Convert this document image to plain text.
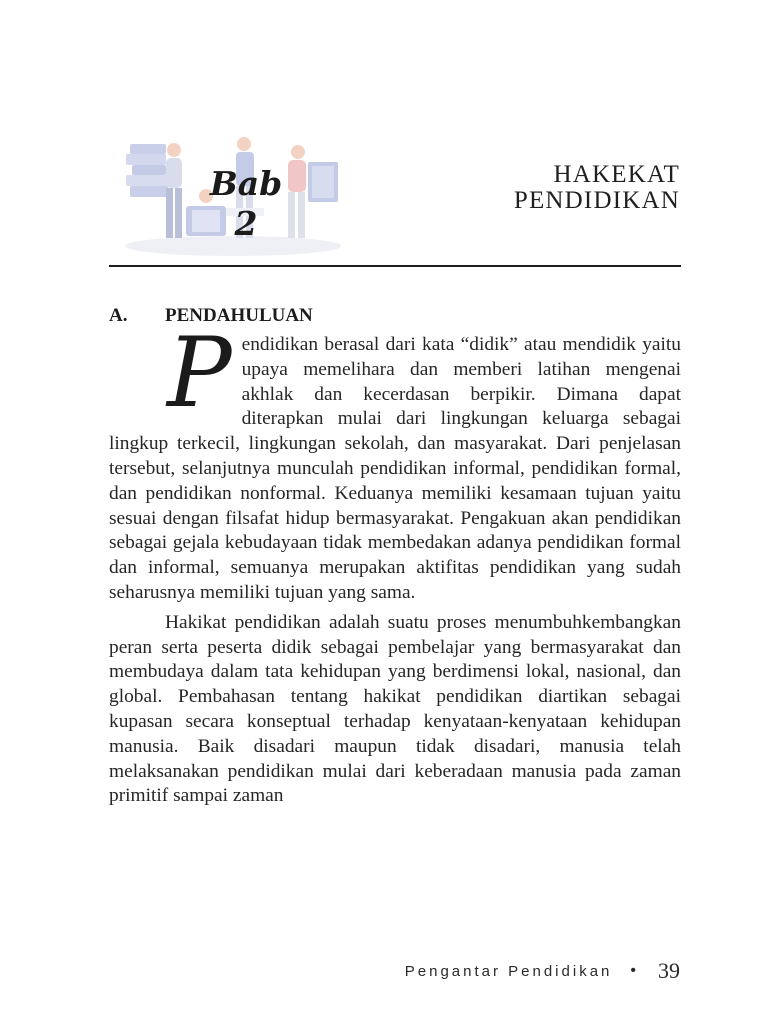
Bab
2
HAKEKAT
PENDIDIKAN
A. PENDAHULUAN

Pendidikan berasal dari kata “didik” atau mendidik yaitu upaya memelihara dan memberi latihan mengenai akhlak dan kecerdasan berpikir. Dimana dapat diterapkan mulai dari lingkungan keluarga sebagai lingkup terkecil, lingkungan sekolah, dan masyarakat. Dari penjelasan tersebut, selanjutnya munculah pendidikan informal, pendidikan formal, dan pendidikan nonformal. Keduanya memiliki kesamaan tujuan yaitu sesuai dengan filsafat hidup bermasyarakat. Pengakuan akan pendidikan sebagai gejala kebudayaan tidak membedakan adanya pendidikan formal dan informal, semuanya merupakan aktifitas pendidikan yang sudah seharusnya memiliki tujuan yang sama.

Hakikat pendidikan adalah suatu proses menumbuhkembangkan peran serta peserta didik sebagai pembelajar yang bermasyarakat dan membudaya dalam tata kehidupan yang berdimensi lokal, nasional, dan global. Pembahasan tentang hakikat pendidikan diartikan sebagai kupasan secara konseptual terhadap kenyataan-kenyataan kehidupan manusia. Baik disadari maupun tidak disadari, manusia telah melaksanakan pendidikan mulai dari keberadaan manusia pada zaman primitif sampai zaman

Pengantar Pendidikan • 39
